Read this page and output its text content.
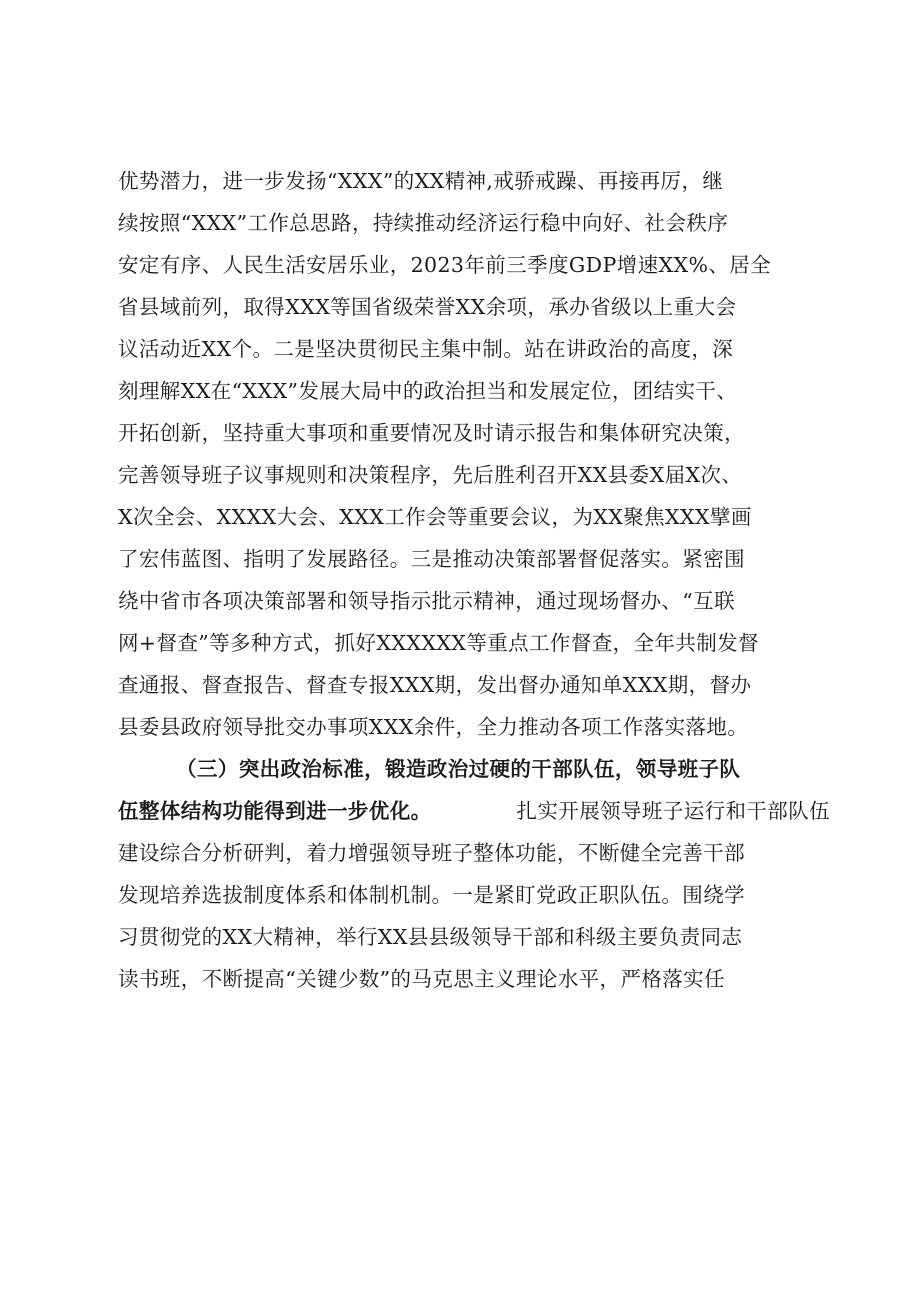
优势潜力，进一步发扬“XXX”的XX精神,戒骄戒躁、再接再厉，继
续按照“XXX”工作总思路，持续推动经济运行稳中向好、社会秩序
安定有序、人民生活安居乐业，2023年前三季度GDP增速XX%、居全
省县域前列，取得XXX等国省级荣誉XX余项，承办省级以上重大会
议活动近XX个。二是坚决贯彻民主集中制。站在讲政治的高度，深
刻理解XX在“XXX”发展大局中的政治担当和发展定位，团结实干、
开拓创新，坚持重大事项和重要情况及时请示报告和集体研究决策，
完善领导班子议事规则和决策程序，先后胜利召开XX县委X届X次、
X次全会、XXXX大会、XXX工作会等重要会议，为XX聚焦XXX擘画
了宏伟蓝图、指明了发展路径。三是推动决策部署督促落实。紧密围
绕中省市各项决策部署和领导指示批示精神，通过现场督办、“互联
网+督查”等多种方式，抓好XXXXXX等重点工作督查，全年共制发督
查通报、督查报告、督查专报XXX期，发出督办通知单XXX期，督办
县委县政府领导批交办事项XXX余件，全力推动各项工作落实落地。
（三）突出政治标准，锻造政治过硬的干部队伍，领导班子队
伍整体结构功能得到进一步优化。	扎实开展领导班子运行和干部队伍
建设综合分析研判，着力增强领导班子整体功能，不断健全完善干部
发现培养选拔制度体系和体制机制。一是紧盯党政正职队伍。围绕学
习贯彻党的XX大精神，举行XX县县级领导干部和科级主要负责同志
读书班，不断提高“关键少数”的马克思主义理论水平，严格落实任
